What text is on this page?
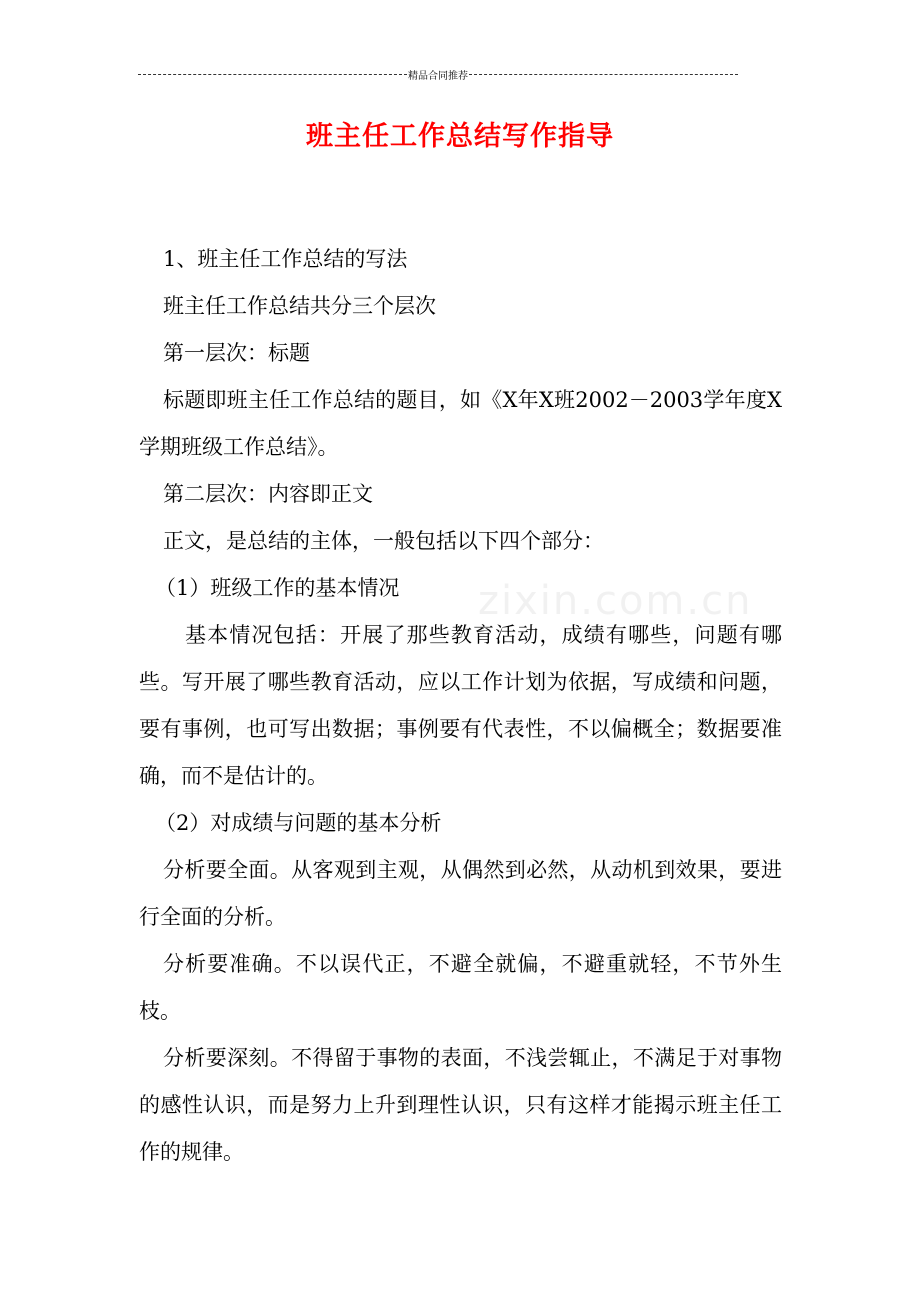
精品合同推荐
班主任工作总结写作指导
zixin.com.cn

1、班主任工作总结的写法

班主任工作总结共分三个层次

第一层次：标题

标题即班主任工作总结的题目，如《X年X班2002－2003学年度X学期班级工作总结》。

第二层次：内容即正文

正文，是总结的主体，一般包括以下四个部分：

（1）班级工作的基本情况

基本情况包括：开展了那些教育活动，成绩有哪些，问题有哪些。写开展了哪些教育活动，应以工作计划为依据，写成绩和问题，要有事例，也可写出数据；事例要有代表性，不以偏概全；数据要准确，而不是估计的。

（2）对成绩与问题的基本分析

分析要全面。从客观到主观，从偶然到必然，从动机到效果，要进行全面的分析。

分析要准确。不以误代正，不避全就偏，不避重就轻，不节外生枝。

分析要深刻。不得留于事物的表面，不浅尝辄止，不满足于对事物的感性认识，而是努力上升到理性认识，只有这样才能揭示班主任工作的规律。
